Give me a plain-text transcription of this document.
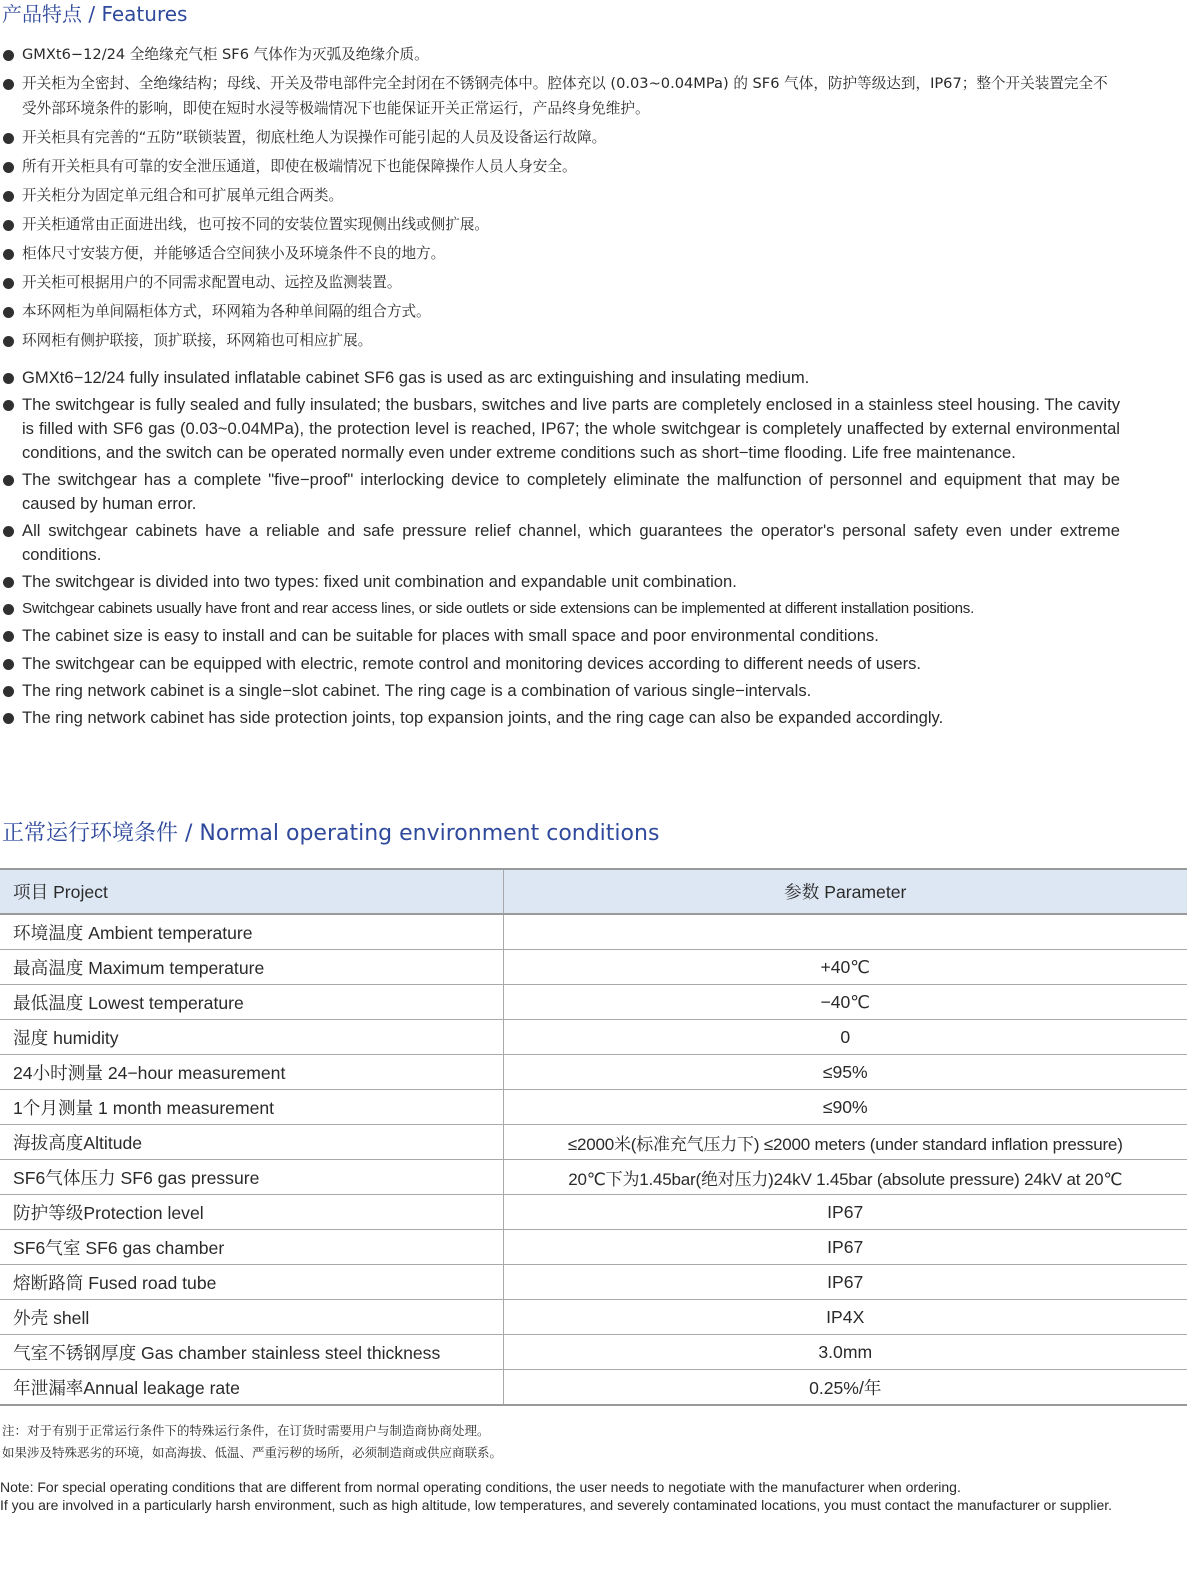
产品特点 / Features
GMXt6−12/24 全绝缘充气柜 SF6 气体作为灭弧及绝缘介质。
开关柜为全密封、全绝缘结构；母线、开关及带电部件完全封闭在不锈钢壳体中。腔体充以 (0.03~0.04MPa) 的 SF6 气体，防护等级达到，IP67；整个开关装置完全不受外部环境条件的影响，即使在短时水浸等极端情况下也能保证开关正常运行，产品终身免维护。
开关柜具有完善的“五防”联锁装置，彻底杜绝人为误操作可能引起的人员及设备运行故障。
所有开关柜具有可靠的安全泄压通道，即使在极端情况下也能保障操作人员人身安全。
开关柜分为固定单元组合和可扩展单元组合两类。
开关柜通常由正面进出线，也可按不同的安装位置实现侧出线或侧扩展。
柜体尺寸安装方便，并能够适合空间狭小及环境条件不良的地方。
开关柜可根据用户的不同需求配置电动、远控及监测装置。
本环网柜为单间隔柜体方式，环网箱为各种单间隔的组合方式。
环网柜有侧护联接，顶扩联接，环网箱也可相应扩展。
GMXt6−12/24 fully insulated inflatable cabinet SF6 gas is used as arc extinguishing and insulating medium.
The switchgear is fully sealed and fully insulated; the busbars, switches and live parts are completely enclosed in a stainless steel housing. The cavity is filled with SF6 gas (0.03~0.04MPa), the protection level is reached, IP67; the whole switchgear is completely unaffected by external environmental conditions, and the switch can be operated normally even under extreme conditions such as short−time flooding. Life free maintenance.
The switchgear has a complete "five−proof" interlocking device to completely eliminate the malfunction of personnel and equipment that may be caused by human error.
All switchgear cabinets have a reliable and safe pressure relief channel, which guarantees the operator's personal safety even under extreme conditions.
The switchgear is divided into two types: fixed unit combination and expandable unit combination.
Switchgear cabinets usually have front and rear access lines, or side outlets or side extensions can be implemented at different installation positions.
The cabinet size is easy to install and can be suitable for places with small space and poor environmental conditions.
The switchgear can be equipped with electric, remote control and monitoring devices according to different needs of users.
The ring network cabinet is a single−slot cabinet. The ring cage is a combination of various single−intervals.
The ring network cabinet has side protection joints, top expansion joints, and the ring cage can also be expanded accordingly.
正常运行环境条件 / Normal operating environment conditions
项目 Project	参数 Parameter
环境温度 Ambient temperature	
最高温度 Maximum temperature	+40℃
最低温度 Lowest temperature	−40℃
湿度 humidity	0
24小时测量 24−hour measurement	≤95%
1个月测量 1 month measurement	≤90%
海拔高度Altitude	≤2000米(标准充气压力下) ≤2000 meters (under standard inflation pressure)
SF6气体压力 SF6 gas pressure	20℃下为1.45bar(绝对压力)24kV 1.45bar (absolute pressure) 24kV at 20℃
防护等级Protection level	IP67
SF6气室 SF6 gas chamber	IP67
熔断路筒 Fused road tube	IP67
外壳 shell	IP4X
气室不锈钢厚度 Gas chamber stainless steel thickness	3.0mm
年泄漏率Annual leakage rate	0.25%/年
注：对于有别于正常运行条件下的特殊运行条件，在订货时需要用户与制造商协商处理。
如果涉及特殊恶劣的环境，如高海拔、低温、严重污秽的场所，必须制造商或供应商联系。

Note: For special operating conditions that are different from normal operating conditions, the user needs to negotiate with the manufacturer when ordering.

If you are involved in a particularly harsh environment, such as high altitude, low temperatures, and severely contaminated locations, you must contact the manufacturer or supplier.
